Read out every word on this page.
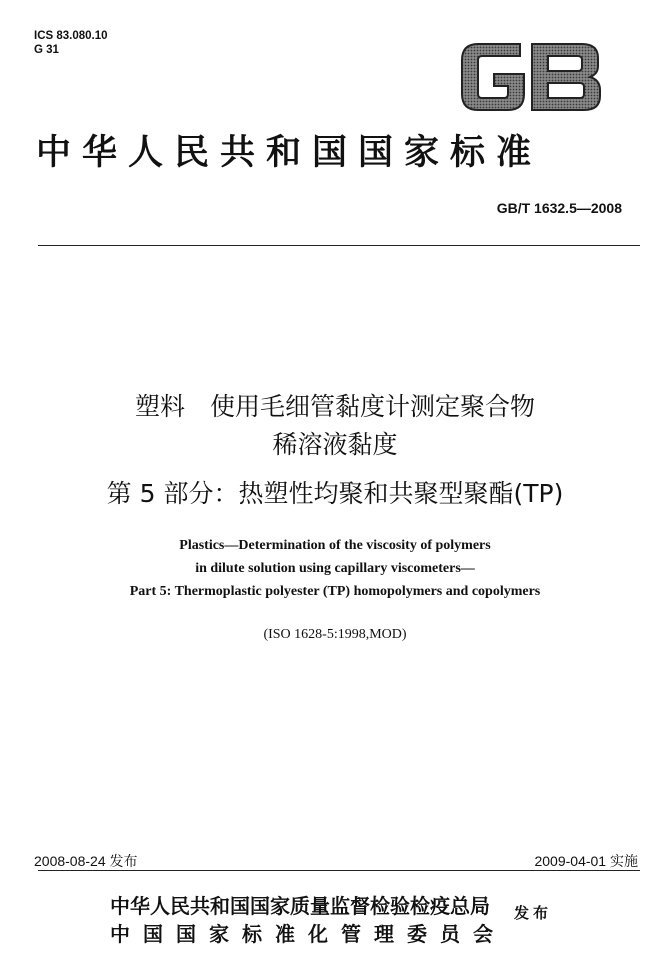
ICS 83.080.10
G 31
中华人民共和国国家标准
GB/T 1632.5—2008
塑料　使用毛细管黏度计测定聚合物
稀溶液黏度
第 5 部分：热塑性均聚和共聚型聚酯(TP)
Plastics—Determination of the viscosity of polymers
in dilute solution using capillary viscometers—
Part 5: Thermoplastic polyester (TP) homopolymers and copolymers
(ISO 1628-5:1998,MOD)
2008-08-24 发布	2009-04-01 实施
中华人民共和国国家质量监督检验检疫总局
中国国家标准化管理委员会
发布
